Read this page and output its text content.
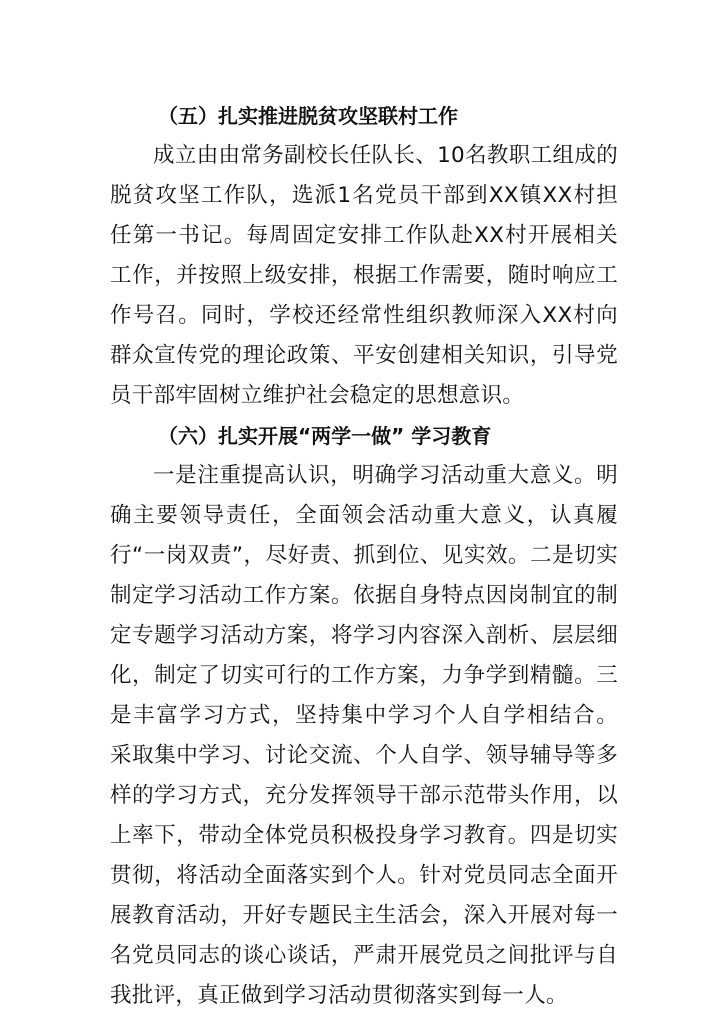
（五）扎实推进脱贫攻坚联村工作

成立由由常务副校长任队长、10名教职工组成的脱贫攻坚工作队，选派1名党员干部到XX镇XX村担任第一书记。每周固定安排工作队赴XX村开展相关工作，并按照上级安排，根据工作需要，随时响应工作号召。同时，学校还经常性组织教师深入XX村向群众宣传党的理论政策、平安创建相关知识，引导党员干部牢固树立维护社会稳定的思想意识。

（六）扎实开展“两学一做” 学习教育

一是注重提高认识，明确学习活动重大意义。明确主要领导责任，全面领会活动重大意义，认真履行“一岗双责”，尽好责、抓到位、见实效。二是切实制定学习活动工作方案。依据自身特点因岗制宜的制定专题学习活动方案，将学习内容深入剖析、层层细化，制定了切实可行的工作方案，力争学到精髓。三是丰富学习方式，坚持集中学习个人自学相结合。 采取集中学习、讨论交流、个人自学、领导辅导等多样的学习方式，充分发挥领导干部示范带头作用，以上率下，带动全体党员积极投身学习教育。四是切实贯彻，将活动全面落实到个人。针对党员同志全面开展教育活动，开好专题民主生活会，深入开展对每一名党员同志的谈心谈话，严肃开展党员之间批评与自我批评，真正做到学习活动贯彻落实到每一人。
